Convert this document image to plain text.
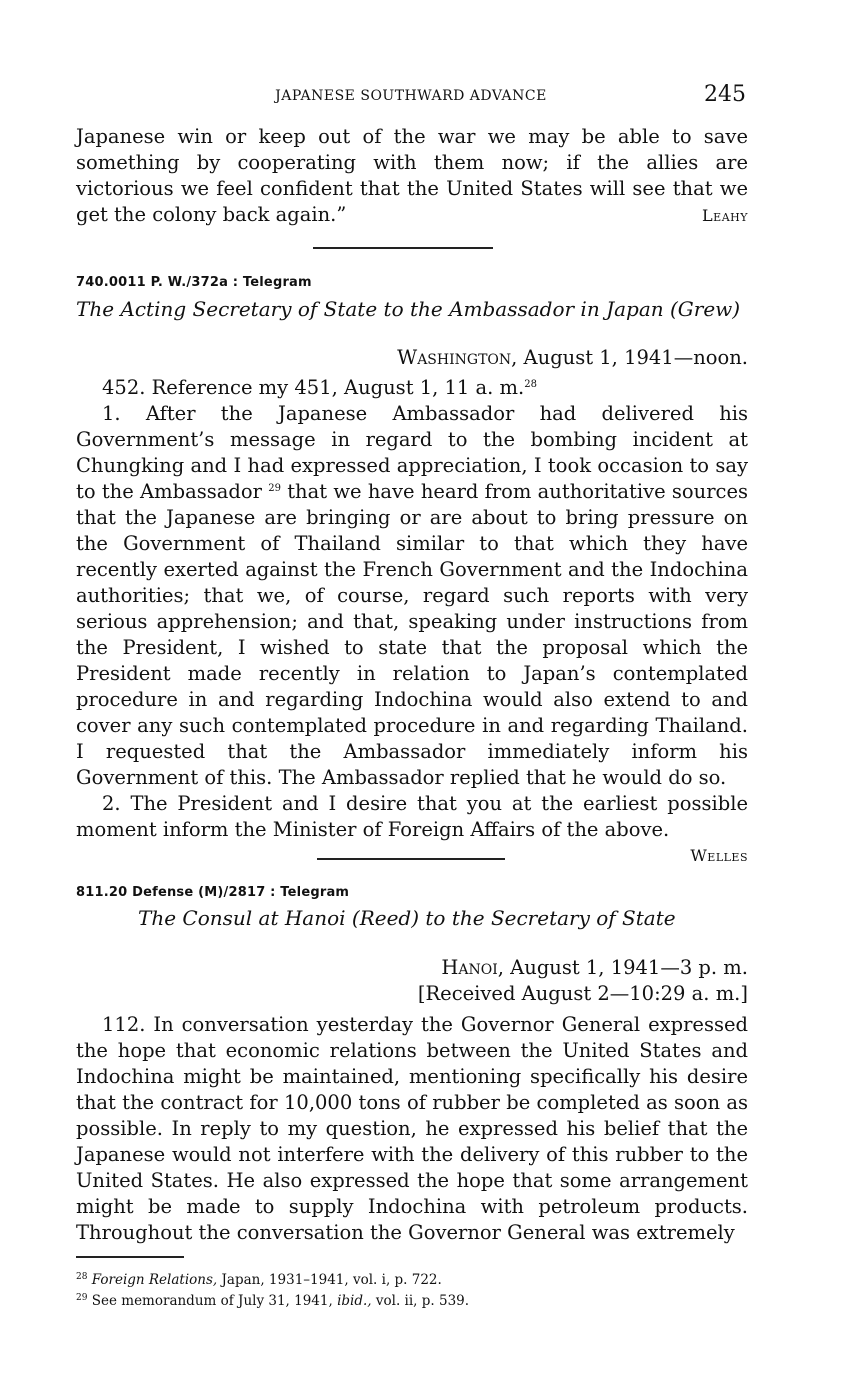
JAPANESE SOUTHWARD ADVANCE	245

Japanese win or keep out of the war we may be able to save something by cooperating with them now; if the allies are victorious we feel confident that the United States will see that we get the colony back again.”	Leahy
740.0011 P. W./372a : Telegram
The Acting Secretary of State to the Ambassador in Japan (Grew)
Washington, August 1, 1941—noon.

452. Reference my 451, August 1, 11 a. m.$^{28}$

1. After the Japanese Ambassador had delivered his Government’s message in regard to the bombing incident at Chungking and I had expressed appreciation, I took occasion to say to the Ambassador $^{29}$ that we have heard from authoritative sources that the Japanese are bringing or are about to bring pressure on the Government of Thailand similar to that which they have recently exerted against the French Government and the Indochina authorities; that we, of course, regard such reports with very serious apprehension; and that, speaking under instructions from the President, I wished to state that the proposal which the President made recently in relation to Japan’s contemplated procedure in and regarding Indochina would also extend to and cover any such contemplated procedure in and regarding Thailand. I requested that the Ambassador immediately inform his Government of this. The Ambassador replied that he would do so.

2. The President and I desire that you at the earliest possible moment inform the Minister of Foreign Affairs of the above.

Welles
811.20 Defense (M)/2817 : Telegram
The Consul at Hanoi (Reed) to the Secretary of State
Hanoi, August 1, 1941—3 p. m.
[Received August 2—10:29 a. m.]

112. In conversation yesterday the Governor General expressed the hope that economic relations between the United States and Indochina might be maintained, mentioning specifically his desire that the contract for 10,000 tons of rubber be completed as soon as possible. In reply to my question, he expressed his belief that the Japanese would not interfere with the delivery of this rubber to the United States. He also expressed the hope that some arrangement might be made to supply Indochina with petroleum products. Throughout the conversation the Governor General was extremely

$^{28}$ Foreign Relations, Japan, 1931–1941, vol. i, p. 722.
$^{29}$ See memorandum of July 31, 1941, ibid., vol. ii, p. 539.
